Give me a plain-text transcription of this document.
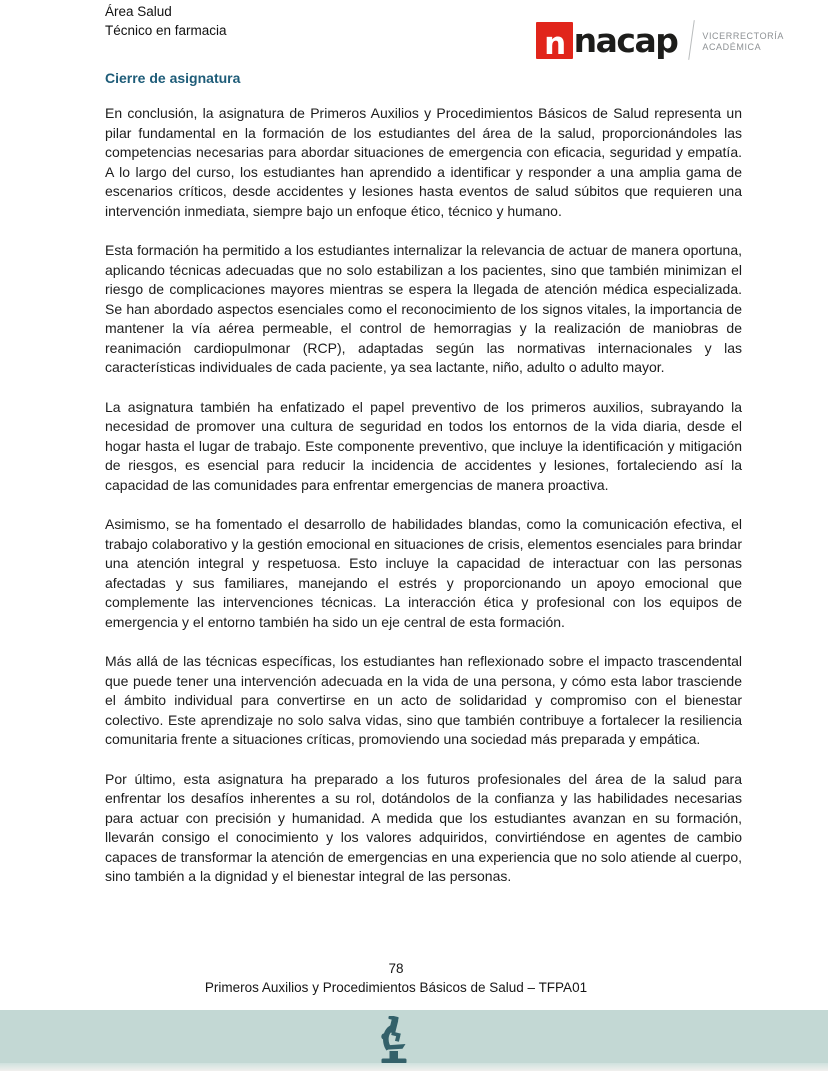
Área Salud
Técnico en farmacia	n nacap	VICERRECTORÍA
ACADÉMICA
Cierre de asignatura

En conclusión, la asignatura de Primeros Auxilios y Procedimientos Básicos de Salud representa un pilar fundamental en la formación de los estudiantes del área de la salud, proporcionándoles las competencias necesarias para abordar situaciones de emergencia con eficacia, seguridad y empatía. A lo largo del curso, los estudiantes han aprendido a identificar y responder a una amplia gama de escenarios críticos, desde accidentes y lesiones hasta eventos de salud súbitos que requieren una intervención inmediata, siempre bajo un enfoque ético, técnico y humano.

Esta formación ha permitido a los estudiantes internalizar la relevancia de actuar de manera oportuna, aplicando técnicas adecuadas que no solo estabilizan a los pacientes, sino que también minimizan el riesgo de complicaciones mayores mientras se espera la llegada de atención médica especializada. Se han abordado aspectos esenciales como el reconocimiento de los signos vitales, la importancia de mantener la vía aérea permeable, el control de hemorragias y la realización de maniobras de reanimación cardiopulmonar (RCP), adaptadas según las normativas internacionales y las características individuales de cada paciente, ya sea lactante, niño, adulto o adulto mayor.

La asignatura también ha enfatizado el papel preventivo de los primeros auxilios, subrayando la necesidad de promover una cultura de seguridad en todos los entornos de la vida diaria, desde el hogar hasta el lugar de trabajo. Este componente preventivo, que incluye la identificación y mitigación de riesgos, es esencial para reducir la incidencia de accidentes y lesiones, fortaleciendo así la capacidad de las comunidades para enfrentar emergencias de manera proactiva.

Asimismo, se ha fomentado el desarrollo de habilidades blandas, como la comunicación efectiva, el trabajo colaborativo y la gestión emocional en situaciones de crisis, elementos esenciales para brindar una atención integral y respetuosa. Esto incluye la capacidad de interactuar con las personas afectadas y sus familiares, manejando el estrés y proporcionando un apoyo emocional que complemente las intervenciones técnicas. La interacción ética y profesional con los equipos de emergencia y el entorno también ha sido un eje central de esta formación.

Más allá de las técnicas específicas, los estudiantes han reflexionado sobre el impacto trascendental que puede tener una intervención adecuada en la vida de una persona, y cómo esta labor trasciende el ámbito individual para convertirse en un acto de solidaridad y compromiso con el bienestar colectivo. Este aprendizaje no solo salva vidas, sino que también contribuye a fortalecer la resiliencia comunitaria frente a situaciones críticas, promoviendo una sociedad más preparada y empática.

Por último, esta asignatura ha preparado a los futuros profesionales del área de la salud para enfrentar los desafíos inherentes a su rol, dotándolos de la confianza y las habilidades necesarias para actuar con precisión y humanidad. A medida que los estudiantes avanzan en su formación, llevarán consigo el conocimiento y los valores adquiridos, convirtiéndose en agentes de cambio capaces de transformar la atención de emergencias en una experiencia que no solo atiende al cuerpo, sino también a la dignidad y el bienestar integral de las personas.

78
Primeros Auxilios y Procedimientos Básicos de Salud – TFPA01
